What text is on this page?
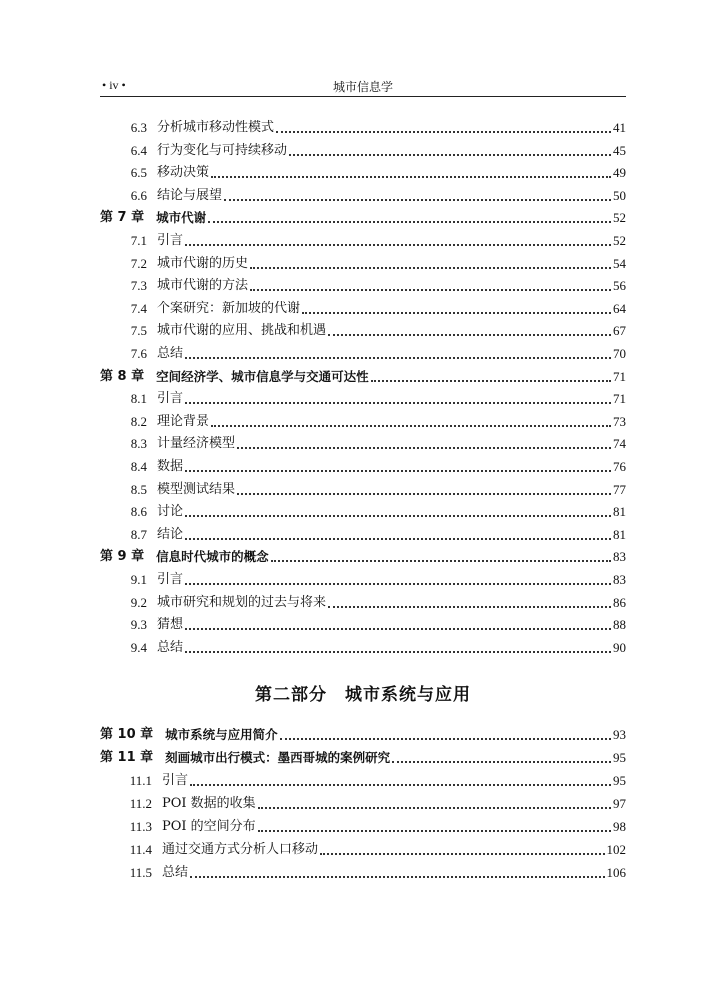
• iv •	城市信息学
6.3 分析城市移动性模式	41
6.4 行为变化与可持续移动	45
6.5 移动决策	49
6.6 结论与展望	50
第 7 章 城市代谢	52
7.1 引言	52
7.2 城市代谢的历史	54
7.3 城市代谢的方法	56
7.4 个案研究：新加坡的代谢	64
7.5 城市代谢的应用、挑战和机遇	67
7.6 总结	70
第 8 章 空间经济学、城市信息学与交通可达性	71
8.1 引言	71
8.2 理论背景	73
8.3 计量经济模型	74
8.4 数据	76
8.5 模型测试结果	77
8.6 讨论	81
8.7 结论	81
第 9 章 信息时代城市的概念	83
9.1 引言	83
9.2 城市研究和规划的过去与将来	86
9.3 猜想	88
9.4 总结	90
第二部分　城市系统与应用
第 10 章 城市系统与应用简介	93
第 11 章 刻画城市出行模式：墨西哥城的案例研究	95
11.1 引言	95
11.2 POI 数据的收集	97
11.3 POI 的空间分布	98
11.4 通过交通方式分析人口移动	102
11.5 总结	106
